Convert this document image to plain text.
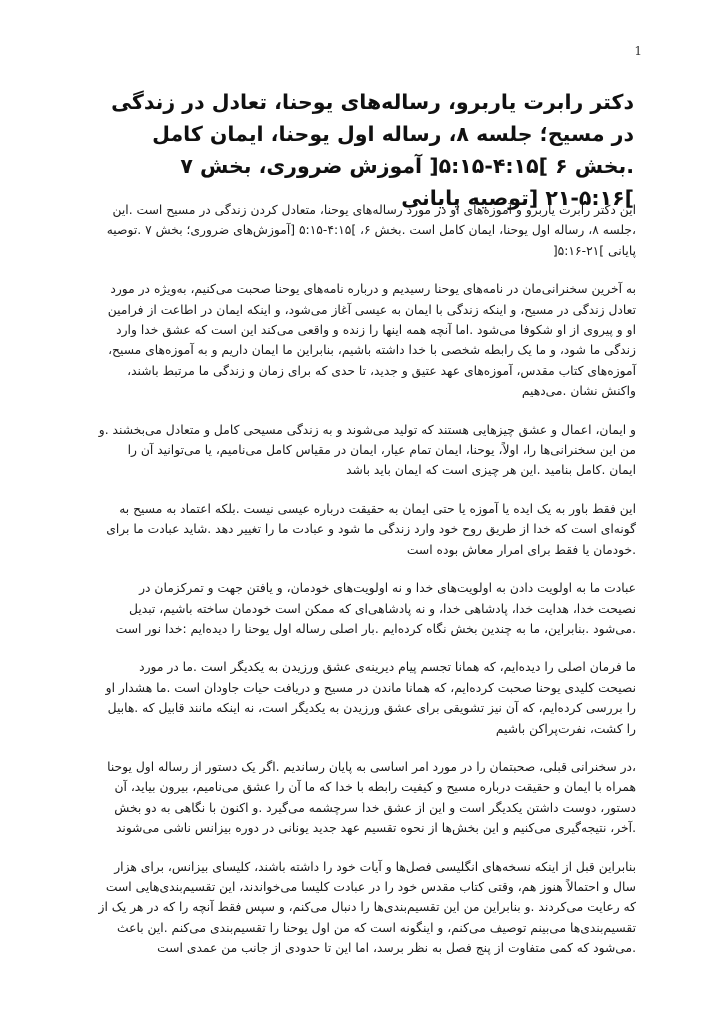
1
دکتر رابرت یاربرو، رساله‌های یوحنا، تعادل در زندگی در مسیح؛ جلسه ۸، رساله اول یوحنا، ایمان کامل .بخش ۶ ]۴:۱۵-۵:۱۵[ آموزش ضروری، بخش ۷ ]۵:۱۶-۲۱ [توصیه پایانی

این دکتر رابرت یاربرو و آموزه‌های او در مورد رساله‌های یوحنا، متعادل کردن زندگی در مسیح است .این ،جلسه ۸، رساله اول یوحنا، ایمان کامل است .بخش ۶، ]۴:۱۵-۵:۱۵ [آموزش‌های ضروری؛ بخش ۷ .توصیه پایانی ]۲۱-۵:۱۶[

به آخرین سخنرانی‌مان در نامه‌های یوحنا رسیدیم و درباره نامه‌های یوحنا صحبت می‌کنیم، به‌ویژه در مورد تعادل زندگی در مسیح، و اینکه زندگی با ایمان به عیسی آغاز می‌شود، و اینکه ایمان در اطاعت از فرامین او و پیروی از او شکوفا می‌شود .اما آنچه همه اینها را زنده و واقعی می‌کند این است که عشق خدا وارد زندگی ما شود، و ما یک رابطه شخصی با خدا داشته باشیم، بنابراین ما ایمان داریم و به آموزه‌های مسیح، آموزه‌های کتاب مقدس، آموزه‌های عهد عتیق و جدید، تا حدی که برای زمان و زندگی ما مرتبط باشند، واکنش نشان .می‌دهیم

و ایمان، اعمال و عشق چیزهایی هستند که تولید می‌شوند و به زندگی مسیحی کامل و متعادل می‌بخشند .و من این سخنرانی‌ها را، اولاً، یوحنا، ایمان تمام عیار، ایمان در مقیاس کامل می‌نامیم، یا می‌توانید آن را ایمان .کامل بنامید .این هر چیزی است که ایمان باید باشد

این فقط باور به یک ایده یا آموزه یا حتی ایمان به حقیقت درباره عیسی نیست .بلکه اعتماد به مسیح به گونه‌ای است که خدا از طریق روح خود وارد زندگی ما شود و عبادت ما را تغییر دهد .شاید عبادت ما برای .خودمان یا فقط برای امرار معاش بوده است

عبادت ما به اولویت دادن به اولویت‌های خدا و نه اولویت‌های خودمان، و یافتن جهت و تمرکزمان در نصیحت خدا، هدایت خدا، پادشاهی خدا، و نه پادشاهی‌ای که ممکن است خودمان ساخته باشیم، تبدیل .می‌شود .بنابراین، ما به چندین بخش نگاه کرده‌ایم .بار اصلی رساله اول یوحنا را دیده‌ایم :خدا نور است

ما فرمان اصلی را دیده‌ایم، که همانا تجسم پیام دیرینه‌ی عشق ورزیدن به یکدیگر است .ما در مورد نصیحت کلیدی یوحنا صحبت کرده‌ایم، که همانا ماندن در مسیح و دریافت حیات جاودان است .ما هشدار او را بررسی کرده‌ایم، که آن نیز تشویقی برای عشق ورزیدن به یکدیگر است، نه اینکه مانند قابیل که .هابیل را کشت، نفرت‌پراکن باشیم

،در سخنرانی قبلی، صحبتمان را در مورد امر اساسی به پایان رساندیم .اگر یک دستور از رساله اول یوحنا همراه با ایمان و حقیقت درباره مسیح و کیفیت رابطه با خدا که ما آن را عشق می‌نامیم، بیرون بیاید، آن دستور، دوست داشتن یکدیگر است و این از عشق خدا سرچشمه می‌گیرد .و اکنون با نگاهی به دو بخش .آخر، نتیجه‌گیری می‌کنیم و این بخش‌ها از نحوه تقسیم عهد جدید یونانی در دوره بیزانس ناشی می‌شوند

بنابراین قبل از اینکه نسخه‌های انگلیسی فصل‌ها و آیات خود را داشته باشند، کلیسای بیزانس، برای هزار سال و احتمالاً هنوز هم، وقتی کتاب مقدس خود را در عبادت کلیسا می‌خواندند، این تقسیم‌بندی‌هایی است که رعایت می‌کردند .و بنابراین من این تقسیم‌بندی‌ها را دنبال می‌کنم، و سپس فقط آنچه را که در هر یک از تقسیم‌بندی‌ها می‌بینم توصیف می‌کنم، و اینگونه است که من اول یوحنا را تقسیم‌بندی می‌کنم .این باعث .می‌شود که کمی متفاوت از پنج فصل به نظر برسد، اما این تا حدودی از جانب من عمدی است
